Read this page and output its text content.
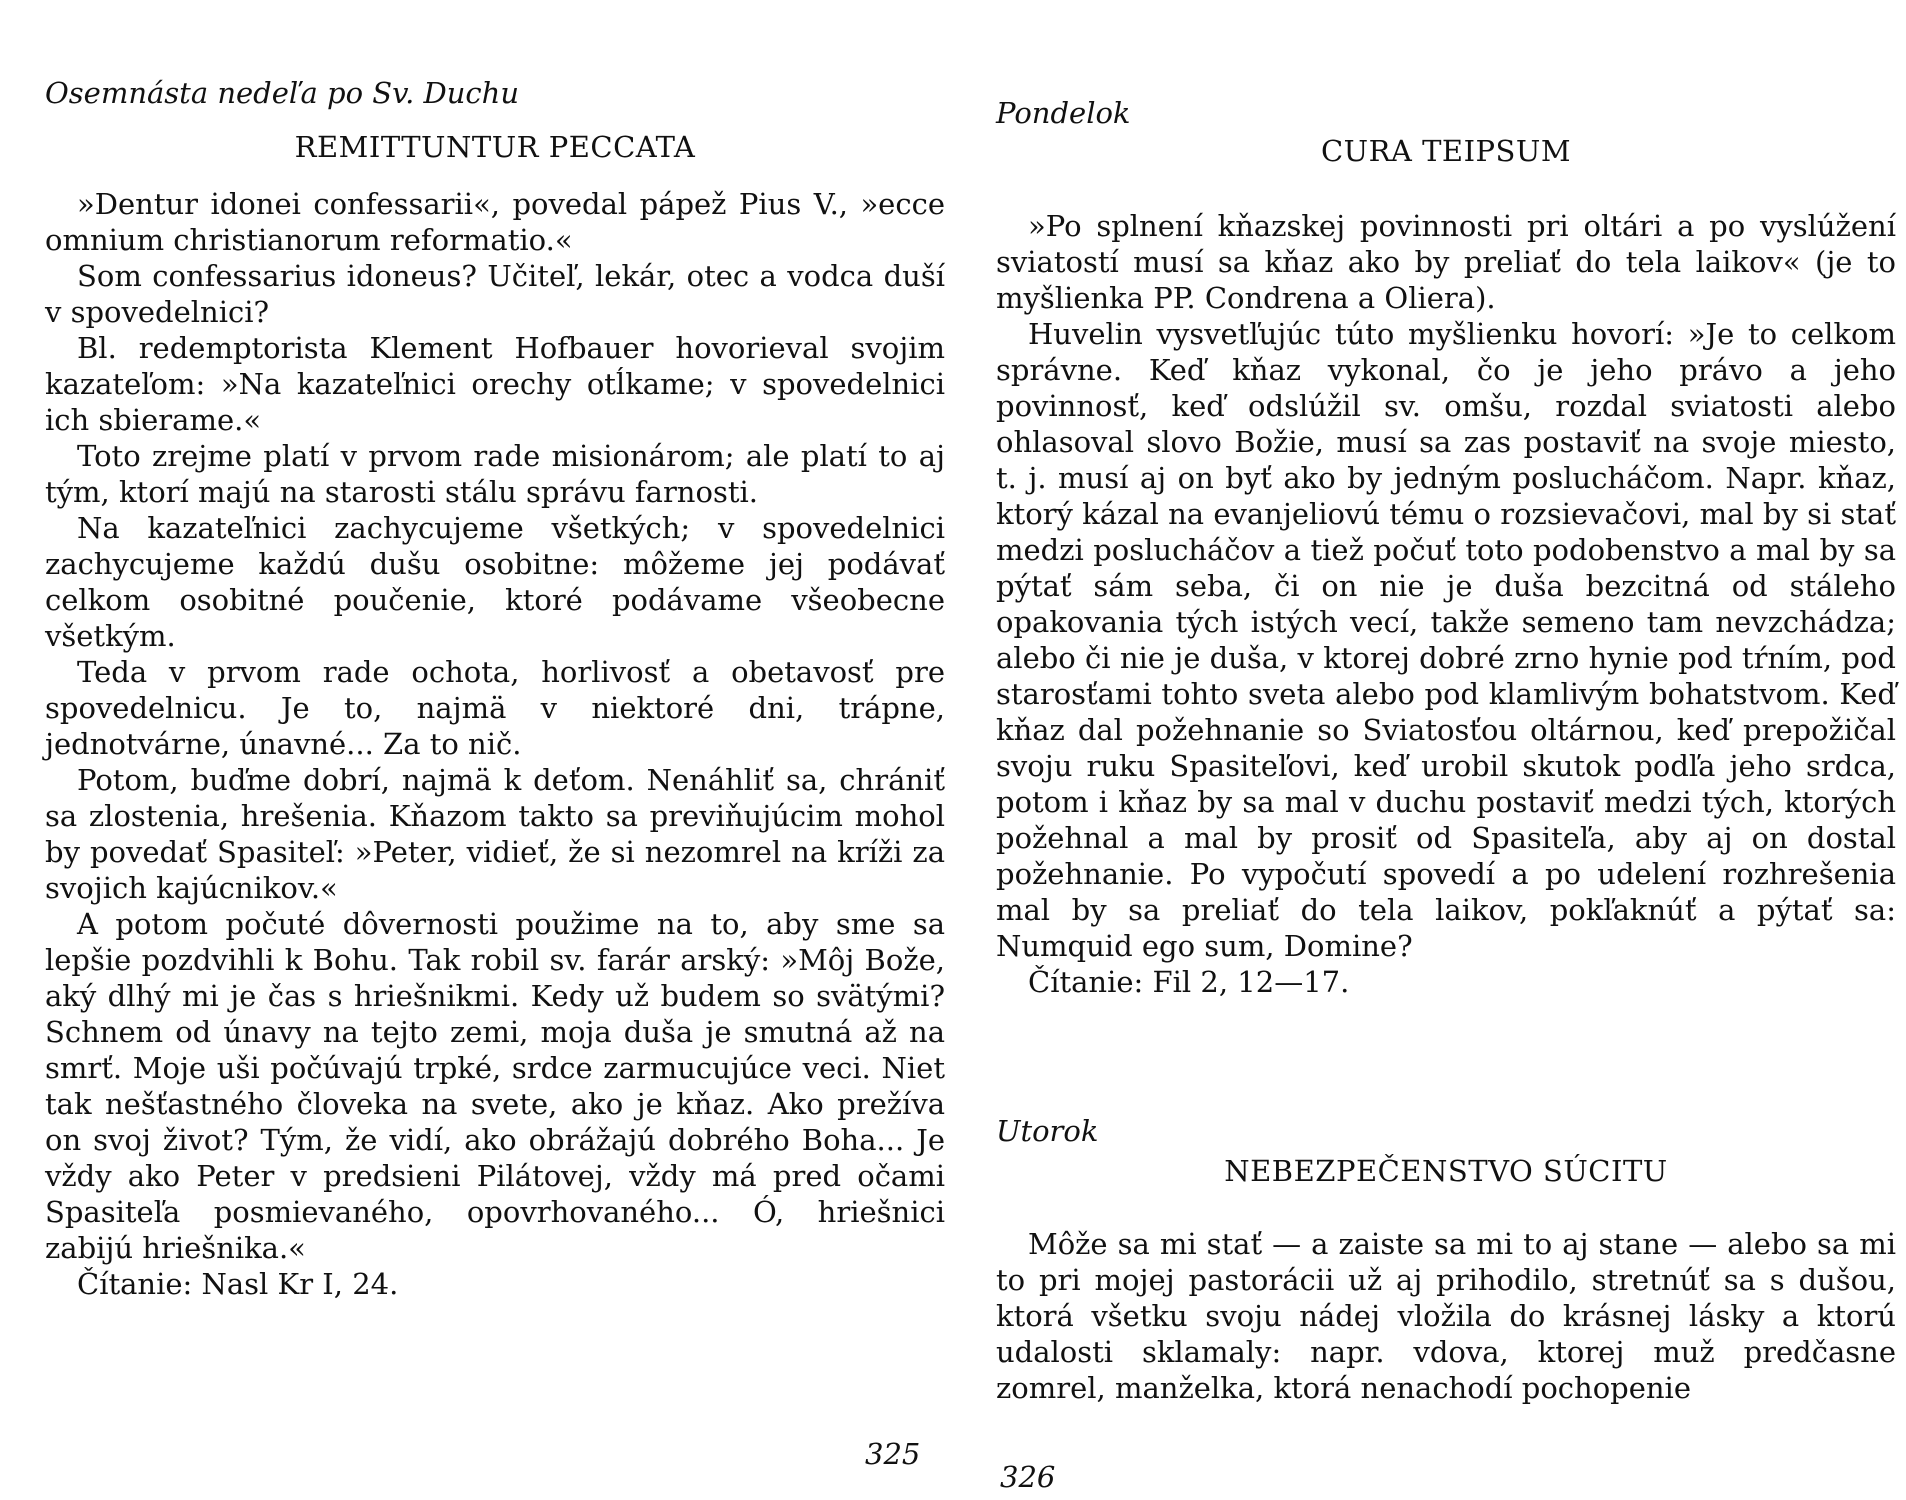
Osemnásta nedeľa po Sv. Duchu
REMITTUNTUR PECCATA

»Dentur idonei confessarii«, povedal pápež Pius V., »ecce omnium christianorum reformatio.«

Som confessarius idoneus? Učiteľ, lekár, otec a vodca duší v spovedelnici?

Bl. redemptorista Klement Hofbauer hovorieval svojim kazateľom: »Na kazateľnici orechy otĺkame; v spovedelnici ich sbierame.«

Toto zrejme platí v prvom rade misionárom; ale platí to aj tým, ktorí majú na starosti stálu správu farnosti.

Na kazateľnici zachycujeme všetkých; v spovedelnici zachycujeme každú dušu osobitne: môžeme jej podávať celkom osobitné poučenie, ktoré podávame všeobecne všetkým.

Teda v prvom rade ochota, horlivosť a obetavosť pre spovedelnicu. Je to, najmä v niektoré dni, trápne, jednotvárne, únavné... Za to nič.

Potom, buďme dobrí, najmä k deťom. Nenáhliť sa, chrániť sa zlostenia, hrešenia. Kňazom takto sa previňujúcim mohol by povedať Spasiteľ: »Peter, vidieť, že si nezomrel na kríži za svojich kajúcnikov.«

A potom počuté dôvernosti použime na to, aby sme sa lepšie pozdvihli k Bohu. Tak robil sv. farár arský: »Môj Bože, aký dlhý mi je čas s hriešnikmi. Kedy už budem so svätými? Schnem od únavy na tejto zemi, moja duša je smutná až na smrť. Moje uši počúvajú trpké, srdce zarmucujúce veci. Niet tak nešťastného človeka na svete, ako je kňaz. Ako prežíva on svoj život? Tým, že vidí, ako obrážajú dobrého Boha... Je vždy ako Peter v predsieni Pilátovej, vždy má pred očami Spasiteľa posmievaného, opovrhovaného... Ó, hriešnici zabijú hriešnika.«

Čítanie: Nasl Kr I, 24.

325
Pondelok
CURA TEIPSUM

»Po splnení kňazskej povinnosti pri oltári a po vyslúžení sviatostí musí sa kňaz ako by preliať do tela laikov« (je to myšlienka PP. Condrena a Oliera).

Huvelin vysvetľujúc túto myšlienku hovorí: »Je to celkom správne. Keď kňaz vykonal, čo je jeho právo a jeho povinnosť, keď odslúžil sv. omšu, rozdal sviatosti alebo ohlasoval slovo Božie, musí sa zas postaviť na svoje miesto, t. j. musí aj on byť ako by jedným poslucháčom. Napr. kňaz, ktorý kázal na evanjeliovú tému o rozsievačovi, mal by si stať medzi poslucháčov a tiež počuť toto podobenstvo a mal by sa pýtať sám seba, či on nie je duša bezcitná od stáleho opakovania tých istých vecí, takže semeno tam nevzchádza; alebo či nie je duša, v ktorej dobré zrno hynie pod tŕním, pod starosťami tohto sveta alebo pod klamlivým bohatstvom. Keď kňaz dal požehnanie so Sviatosťou oltárnou, keď prepožičal svoju ruku Spasiteľovi, keď urobil skutok podľa jeho srdca, potom i kňaz by sa mal v duchu postaviť medzi tých, ktorých požehnal a mal by prosiť od Spasiteľa, aby aj on dostal požehnanie. Po vypočutí spovedí a po udelení rozhrešenia mal by sa preliať do tela laikov, pokľaknúť a pýtať sa: Numquid ego sum, Domine?

Čítanie: Fil 2, 12—17.

Utorok
NEBEZPEČENSTVO SÚCITU

Môže sa mi stať — a zaiste sa mi to aj stane — alebo sa mi to pri mojej pastorácii už aj prihodilo, stretnúť sa s dušou, ktorá všetku svoju nádej vložila do krásnej lásky a ktorú udalosti sklamaly: napr. vdova, ktorej muž predčasne zomrel, manželka, ktorá nenachodí pochopenie

326
